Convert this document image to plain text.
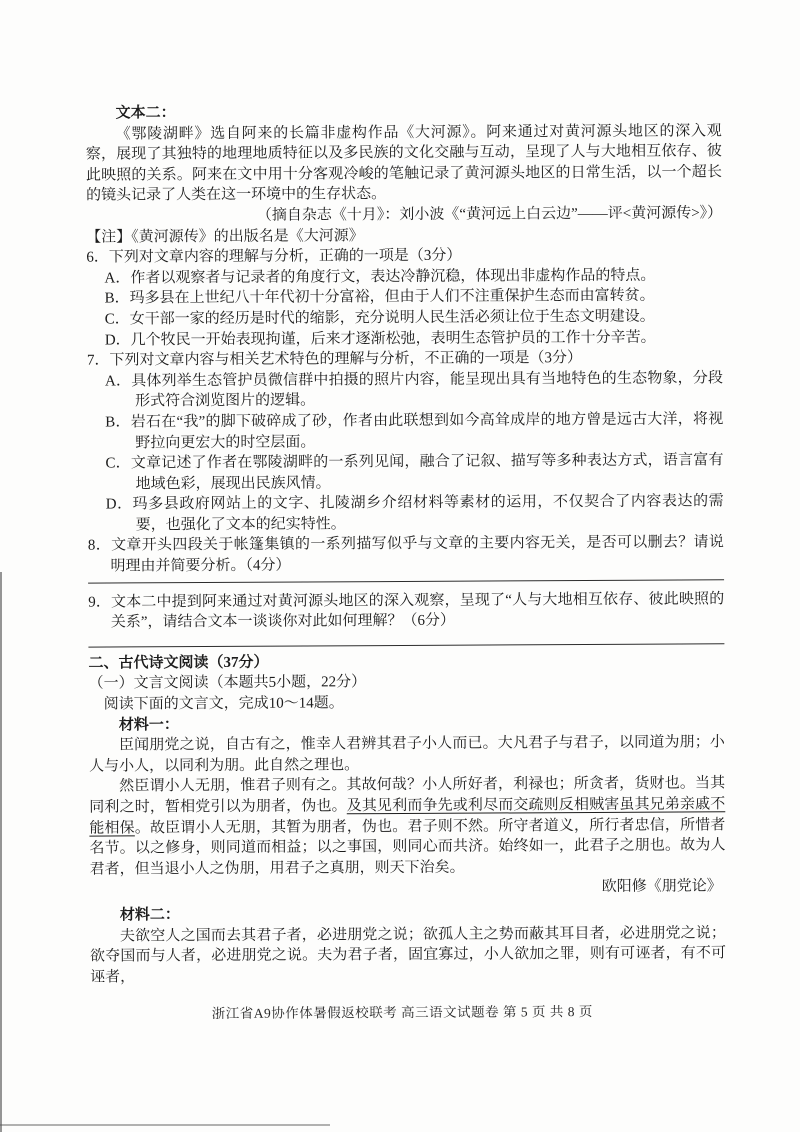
文本二：

《鄂陵湖畔》选自阿来的长篇非虚构作品《大河源》。阿来通过对黄河源头地区的深入观察，展现了其独特的地理地质特征以及多民族的文化交融与互动，呈现了人与大地相互依存、彼此映照的关系。阿来在文中用十分客观冷峻的笔触记录了黄河源头地区的日常生活，以一个超长的镜头记录了人类在这一环境中的生存状态。

（摘自杂志《十月》：刘小波《“黄河远上白云边”——评<黄河源传>》）

【注】《黄河源传》的出版名是《大河源》

6．下列对文章内容的理解与分析，正确的一项是（3分）

A．作者以观察者与记录者的角度行文，表达冷静沉稳，体现出非虚构作品的特点。

B．玛多县在上世纪八十年代初十分富裕，但由于人们不注重保护生态而由富转贫。

C．女干部一家的经历是时代的缩影，充分说明人民生活必须让位于生态文明建设。

D．几个牧民一开始表现拘谨，后来才逐渐松弛，表明生态管护员的工作十分辛苦。

7．下列对文章内容与相关艺术特色的理解与分析，不正确的一项是（3分）

A．具体列举生态管护员微信群中拍摄的照片内容，能呈现出具有当地特色的生态物象，分段形式符合浏览图片的逻辑。

B．岩石在“我”的脚下破碎成了砂，作者由此联想到如今高耸成岸的地方曾是远古大洋，将视野拉向更宏大的时空层面。

C．文章记述了作者在鄂陵湖畔的一系列见闻，融合了记叙、描写等多种表达方式，语言富有地域色彩，展现出民族风情。

D．玛多县政府网站上的文字、扎陵湖乡介绍材料等素材的运用，不仅契合了内容表达的需要，也强化了文本的纪实特性。

8．文章开头四段关于帐篷集镇的一系列描写似乎与文章的主要内容无关，是否可以删去？请说明理由并简要分析。（4分）

9．文本二中提到阿来通过对黄河源头地区的深入观察，呈现了“人与大地相互依存、彼此映照的关系”，请结合文本一谈谈你对此如何理解？（6分）

二、古代诗文阅读（37分）

（一）文言文阅读（本题共5小题，22分）

阅读下面的文言文，完成10～14题。

材料一：

臣闻朋党之说，自古有之，惟幸人君辨其君子小人而已。大凡君子与君子，以同道为朋；小人与小人，以同利为朋。此自然之理也。

然臣谓小人无朋，惟君子则有之。其故何哉？小人所好者，利禄也；所贪者，货财也。当其同利之时，暂相党引以为朋者，伪也。及其见利而争先或利尽而交疏则反相贼害虽其兄弟亲戚不能相保。故臣谓小人无朋，其暂为朋者，伪也。君子则不然。所守者道义，所行者忠信，所惜者名节。以之修身，则同道而相益；以之事国，则同心而共济。始终如一，此君子之朋也。故为人君者，但当退小人之伪朋，用君子之真朋，则天下治矣。

欧阳修《朋党论》

材料二：

夫欲空人之国而去其君子者，必进朋党之说；欲孤人主之势而蔽其耳目者，必进朋党之说；欲夺国而与人者，必进朋党之说。夫为君子者，固宜寡过，小人欲加之罪，则有可诬者，有不可诬者，

浙江省A9协作体暑假返校联考 高三语文试题卷 第 5 页 共 8 页
